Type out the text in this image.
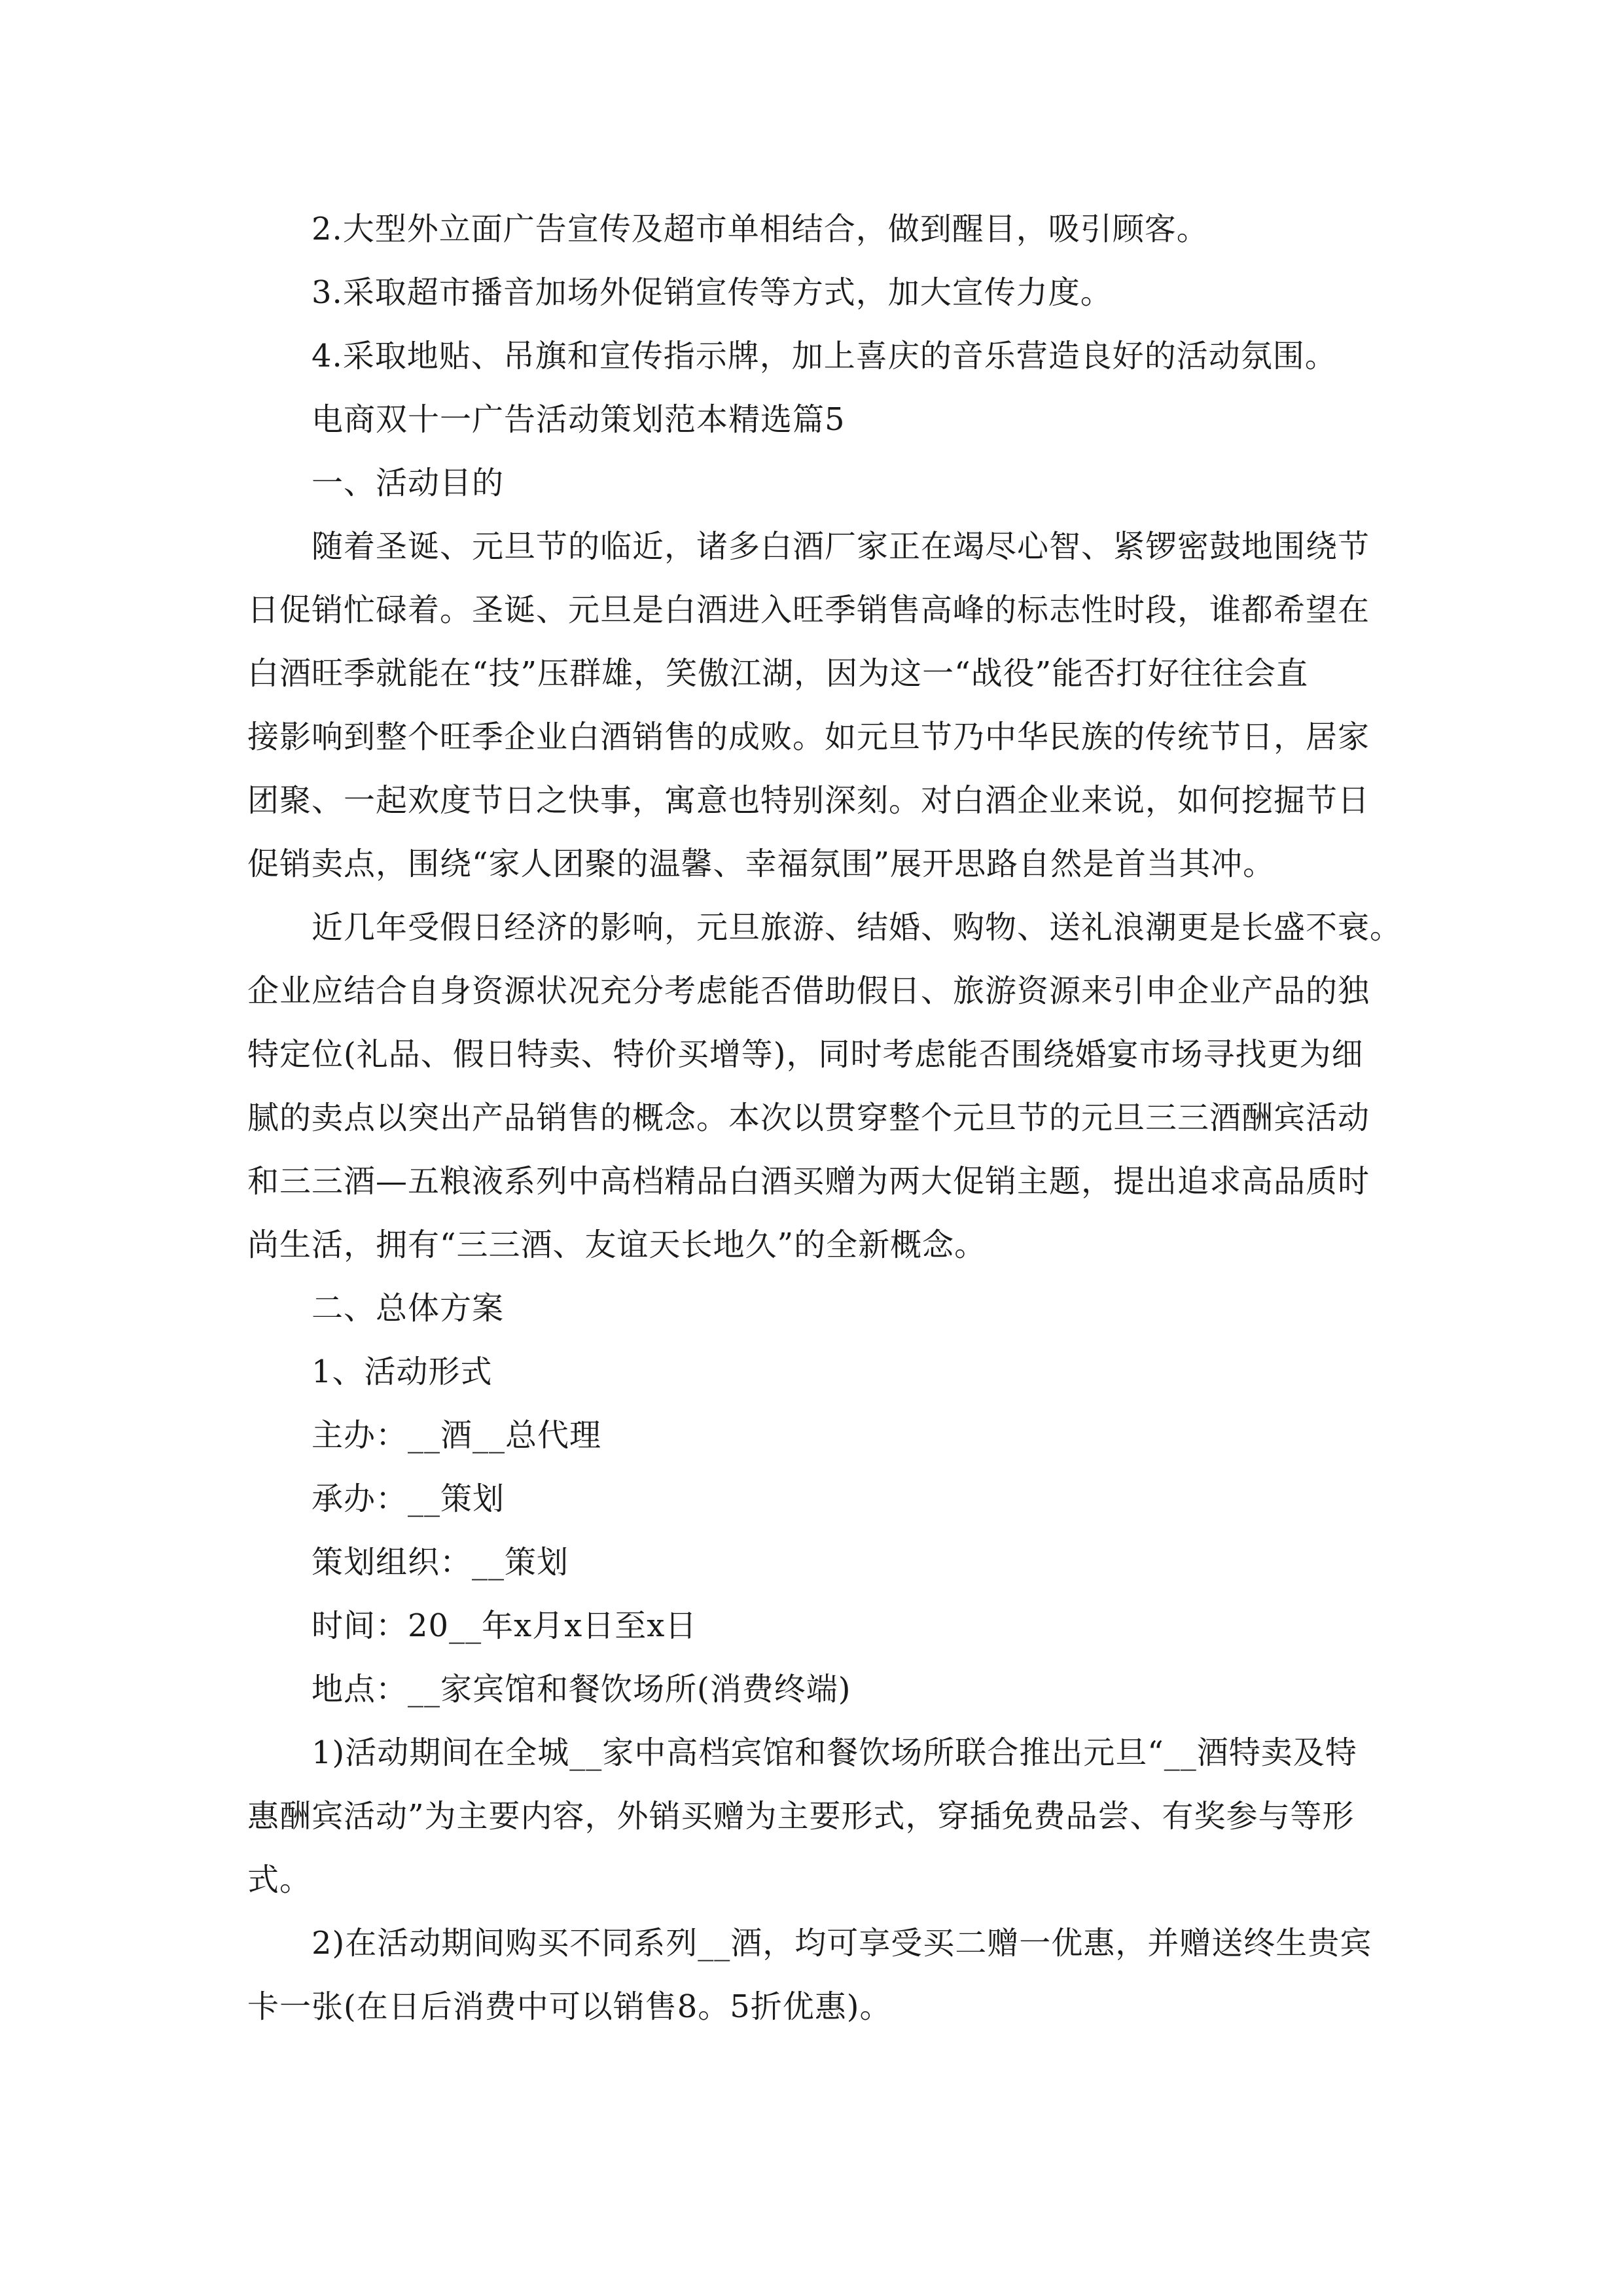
2.大型外立面广告宣传及超市单相结合，做到醒目，吸引顾客。
3.采取超市播音加场外促销宣传等方式，加大宣传力度。
4.采取地贴、吊旗和宣传指示牌，加上喜庆的音乐营造良好的活动氛围。
电商双十一广告活动策划范本精选篇5
一、活动目的
随着圣诞、元旦节的临近，诸多白酒厂家正在竭尽心智、紧锣密鼓地围绕节
日促销忙碌着。圣诞、元旦是白酒进入旺季销售高峰的标志性时段，谁都希望在
白酒旺季就能在“技”压群雄，笑傲江湖，因为这一“战役”能否打好往往会直
接影响到整个旺季企业白酒销售的成败。如元旦节乃中华民族的传统节日，居家
团聚、一起欢度节日之快事，寓意也特别深刻。对白酒企业来说，如何挖掘节日
促销卖点，围绕“家人团聚的温馨、幸福氛围”展开思路自然是首当其冲。
近几年受假日经济的影响，元旦旅游、结婚、购物、送礼浪潮更是长盛不衰。
企业应结合自身资源状况充分考虑能否借助假日、旅游资源来引申企业产品的独
特定位(礼品、假日特卖、特价买增等)，同时考虑能否围绕婚宴市场寻找更为细
腻的卖点以突出产品销售的概念。本次以贯穿整个元旦节的元旦三三酒酬宾活动
和三三酒—五粮液系列中高档精品白酒买赠为两大促销主题，提出追求高品质时
尚生活，拥有“三三酒、友谊天长地久”的全新概念。
二、总体方案
1、活动形式
主办：__酒__总代理
承办：__策划
策划组织：__策划
时间：20__年x月x日至x日
地点：__家宾馆和餐饮场所(消费终端)
1)活动期间在全城__家中高档宾馆和餐饮场所联合推出元旦“__酒特卖及特
惠酬宾活动”为主要内容，外销买赠为主要形式，穿插免费品尝、有奖参与等形
式。
2)在活动期间购买不同系列__酒，均可享受买二赠一优惠，并赠送终生贵宾
卡一张(在日后消费中可以销售8。5折优惠)。
